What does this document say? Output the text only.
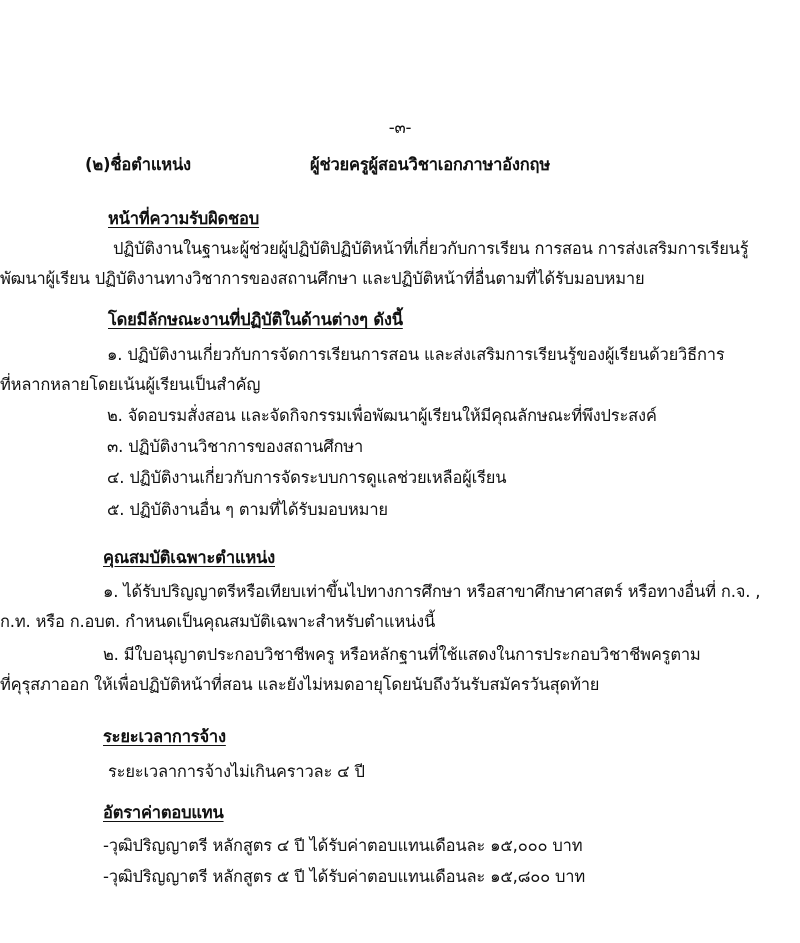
-๓-
(๒)ชื่อตำแหน่ง	ผู้ช่วยครูผู้สอนวิชาเอกภาษาอังกฤษ
หน้าที่ความรับผิดชอบ
ปฏิบัติงานในฐานะผู้ช่วยผู้ปฏิบัติปฏิบัติหน้าที่เกี่ยวกับการเรียน การสอน การส่งเสริมการเรียนรู้
พัฒนาผู้เรียน ปฏิบัติงานทางวิชาการของสถานศึกษา และปฏิบัติหน้าที่อื่นตามที่ได้รับมอบหมาย
โดยมีลักษณะงานที่ปฏิบัติในด้านต่างๆ ดังนี้
๑. ปฏิบัติงานเกี่ยวกับการจัดการเรียนการสอน และส่งเสริมการเรียนรู้ของผู้เรียนด้วยวิธีการ
ที่หลากหลายโดยเน้นผู้เรียนเป็นสำคัญ
๒. จัดอบรมสั่งสอน และจัดกิจกรรมเพื่อพัฒนาผู้เรียนให้มีคุณลักษณะที่พึงประสงค์
๓. ปฏิบัติงานวิชาการของสถานศึกษา
๔. ปฏิบัติงานเกี่ยวกับการจัดระบบการดูแลช่วยเหลือผู้เรียน
๕. ปฏิบัติงานอื่น ๆ ตามที่ได้รับมอบหมาย
คุณสมบัติเฉพาะตำแหน่ง
๑. ได้รับปริญญาตรีหรือเทียบเท่าขึ้นไปทางการศึกษา หรือสาขาศึกษาศาสตร์ หรือทางอื่นที่ ก.จ. ,
ก.ท. หรือ ก.อบต. กำหนดเป็นคุณสมบัติเฉพาะสำหรับตำแหน่งนี้
๒. มีใบอนุญาตประกอบวิชาชีพครู หรือหลักฐานที่ใช้แสดงในการประกอบวิชาชีพครูตาม
ที่คุรุสภาออก ให้เพื่อปฏิบัติหน้าที่สอน และยังไม่หมดอายุโดยนับถึงวันรับสมัครวันสุดท้าย
ระยะเวลาการจ้าง
ระยะเวลาการจ้างไม่เกินคราวละ ๔ ปี
อัตราค่าตอบแทน
-วุฒิปริญญาตรี หลักสูตร ๔ ปี ได้รับค่าตอบแทนเดือนละ ๑๕,๐๐๐ บาท
-วุฒิปริญญาตรี หลักสูตร ๕ ปี ได้รับค่าตอบแทนเดือนละ ๑๕,๘๐๐ บาท
